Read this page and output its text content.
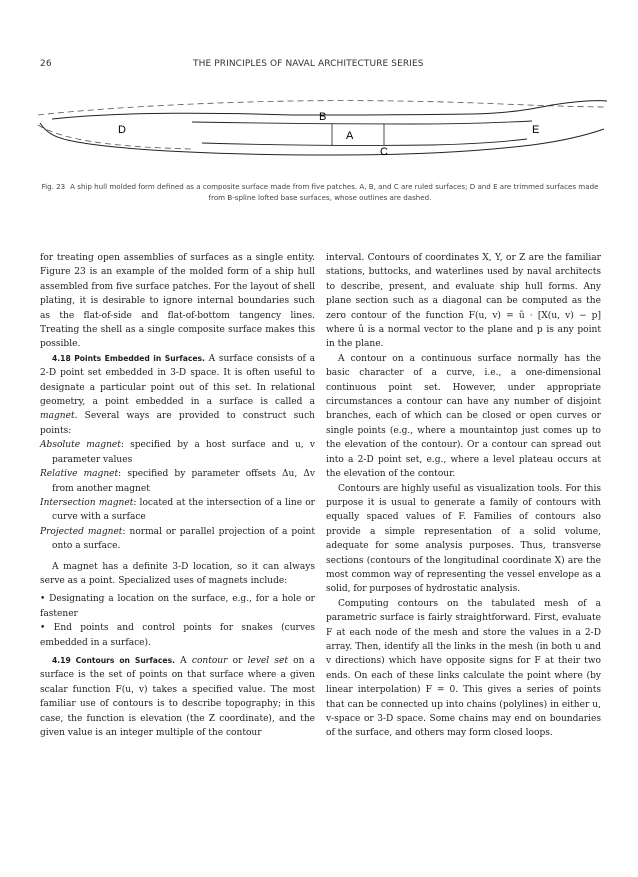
26	THE PRINCIPLES OF NAVAL ARCHITECTURE SERIES
B
A
C
D	E
Fig. 23 A ship hull molded form defined as a composite surface made from five patches. A, B, and C are ruled surfaces; D and E are trimmed surfaces made from B-spline lofted base surfaces, whose outlines are dashed.

for treating open assemblies of surfaces as a single entity. Figure 23 is an example of the molded form of a ship hull assembled from five surface patches. For the layout of shell plating, it is desirable to ignore internal boundaries such as the flat-of-side and flat-of-bottom tangency lines. Treating the shell as a single composite surface makes this possible.

4.18 Points Embedded in Surfaces. A surface consists of a 2-D point set embedded in 3-D space. It is often useful to designate a particular point out of this set. In relational geometry, a point embedded in a surface is called a magnet. Several ways are provided to construct such points:

Absolute magnet: specified by a host surface and u, v parameter values

Relative magnet: specified by parameter offsets Δu, Δv from another magnet

Intersection magnet: located at the intersection of a line or curve with a surface

Projected magnet: normal or parallel projection of a point onto a surface.

A magnet has a definite 3-D location, so it can always serve as a point. Specialized uses of magnets include:

• Designating a location on the surface, e.g., for a hole or fastener

• End points and control points for snakes (curves embedded in a surface).

4.19 Contours on Surfaces. A contour or level set on a surface is the set of points on that surface where a given scalar function F(u, v) takes a specified value. The most familiar use of contours is to describe topography; in this case, the function is elevation (the Z coordinate), and the given value is an integer multiple of the contour

interval. Contours of coordinates X, Y, or Z are the familiar stations, buttocks, and waterlines used by naval architects to describe, present, and evaluate ship hull forms. Any plane section such as a diagonal can be computed as the zero contour of the function F(u, v) = û · [X(u, v) − p] where û is a normal vector to the plane and p is any point in the plane.

A contour on a continuous surface normally has the basic character of a curve, i.e., a one-dimensional continuous point set. However, under appropriate circumstances a contour can have any number of disjoint branches, each of which can be closed or open curves or single points (e.g., where a mountaintop just comes up to the elevation of the contour). Or a contour can spread out into a 2-D point set, e.g., where a level plateau occurs at the elevation of the contour.

Contours are highly useful as visualization tools. For this purpose it is usual to generate a family of contours with equally spaced values of F. Families of contours also provide a simple representation of a solid volume, adequate for some analysis purposes. Thus, transverse sections (contours of the longitudinal coordinate X) are the most common way of representing the vessel envelope as a solid, for purposes of hydrostatic analysis.

Computing contours on the tabulated mesh of a parametric surface is fairly straightforward. First, evaluate F at each node of the mesh and store the values in a 2-D array. Then, identify all the links in the mesh (in both u and v directions) which have opposite signs for F at their two ends. On each of these links calculate the point where (by linear interpolation) F = 0. This gives a series of points that can be connected up into chains (polylines) in either u, v-space or 3-D space. Some chains may end on boundaries of the surface, and others may form closed loops.
